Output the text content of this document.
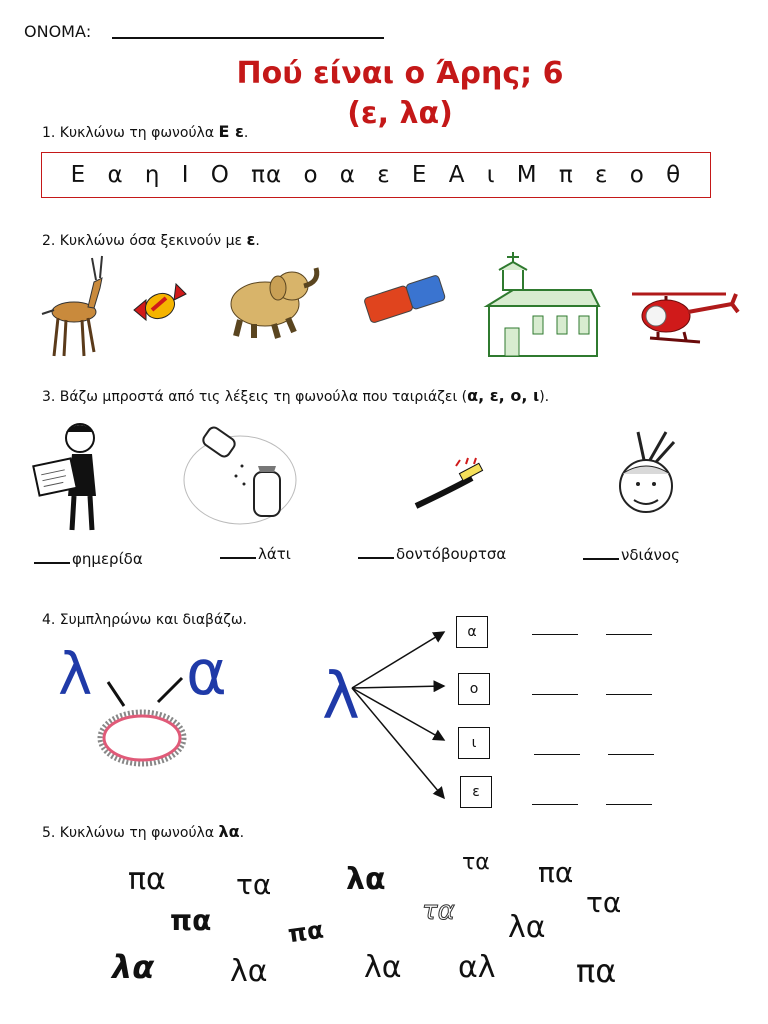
ΟΝΟΜΑ:
Πού είναι ο Άρης; 6
(ε, λα)
1. Κυκλώνω τη φωνούλα Ε ε.
Ε α η Ι Ο πα ο α ε Ε Α ι Μ π ε ο θ
2. Κυκλώνω όσα ξεκινούν με ε.
3. Βάζω μπροστά από τις λέξεις τη φωνούλα που ταιριάζει (α, ε, ο, ι).
φημερίδα	λάτι	δοντόβουρτσα	νδιάνος
4. Συμπληρώνω και διαβάζω.
λ α λ
α
ο
ι
ε
5. Κυκλώνω τη φωνούλα λα.
πα	τα λα	τα πα
τα
πα	πα
τα λα
λα	λα	λα αλ	πα
